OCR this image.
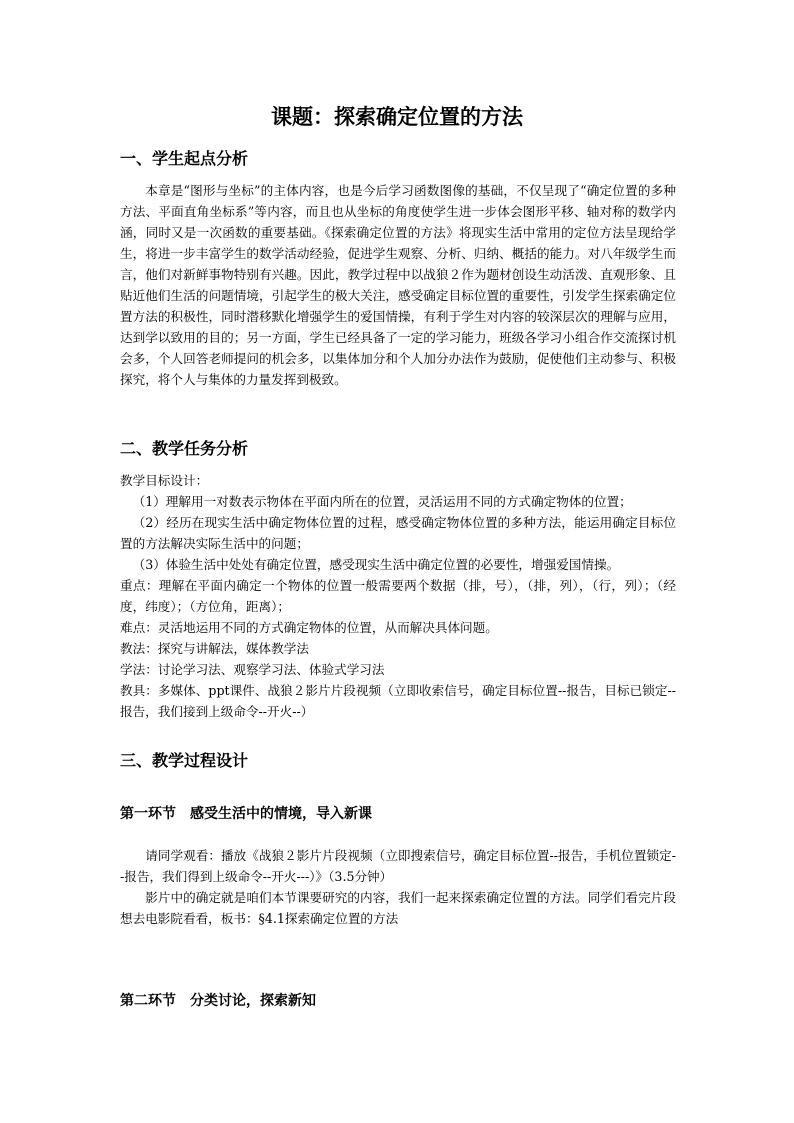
课题：探索确定位置的方法
一、学生起点分析

本章是“图形与坐标”的主体内容，也是今后学习函数图像的基础，不仅呈现了“确定位置的多种方法、平面直角坐标系”等内容，而且也从坐标的角度使学生进一步体会图形平移、轴对称的数学内涵，同时又是一次函数的重要基础。《探索确定位置的方法》将现实生活中常用的定位方法呈现给学生，将进一步丰富学生的数学活动经验，促进学生观察、分析、归纳、概括的能力。对八年级学生而言，他们对新鲜事物特别有兴趣。因此，教学过程中以战狼２作为题材创设生动活泼、直观形象、且贴近他们生活的问题情境，引起学生的极大关注，感受确定目标位置的重要性，引发学生探索确定位置方法的积极性，同时潜移默化增强学生的爱国情操，有利于学生对内容的较深层次的理解与应用，达到学以致用的目的；另一方面，学生已经具备了一定的学习能力，班级各学习小组合作交流探讨机会多，个人回答老师提问的机会多，以集体加分和个人加分办法作为鼓励，促使他们主动参与、积极探究，将个人与集体的力量发挥到极致。

二、教学任务分析
教学目标设计：
（1）理解用一对数表示物体在平面内所在的位置，灵活运用不同的方式确定物体的位置；
（2）经历在现实生活中确定物体位置的过程，感受确定物体位置的多种方法，能运用确定目标位置的方法解决实际生活中的问题；
（3）体验生活中处处有确定位置，感受现实生活中确定位置的必要性，增强爱国情操。
重点：理解在平面内确定一个物体的位置一般需要两个数据（排，号），（排，列），（行，列）；（经度，纬度）；（方位角，距离）；
难点：灵活地运用不同的方式确定物体的位置，从而解决具体问题。
教法：探究与讲解法，媒体教学法
学法：讨论学习法、观察学习法、体验式学习法
教具：多媒体、ppt课件、战狼２影片片段视频（立即收索信号，确定目标位置--报告，目标已锁定--报告，我们接到上级命令--开火--）
三、教学过程设计
第一环节　感受生活中的情境，导入新课
请同学观看：播放《战狼２影片片段视频（立即搜索信号，确定目标位置--报告，手机位置锁定--报告，我们得到上级命令--开火---）》（3.5分钟）
影片中的确定就是咱们本节课要研究的内容，我们一起来探索确定位置的方法。同学们看完片段想去电影院看看，板书：§4.1探索确定位置的方法
第二环节　分类讨论，探索新知
